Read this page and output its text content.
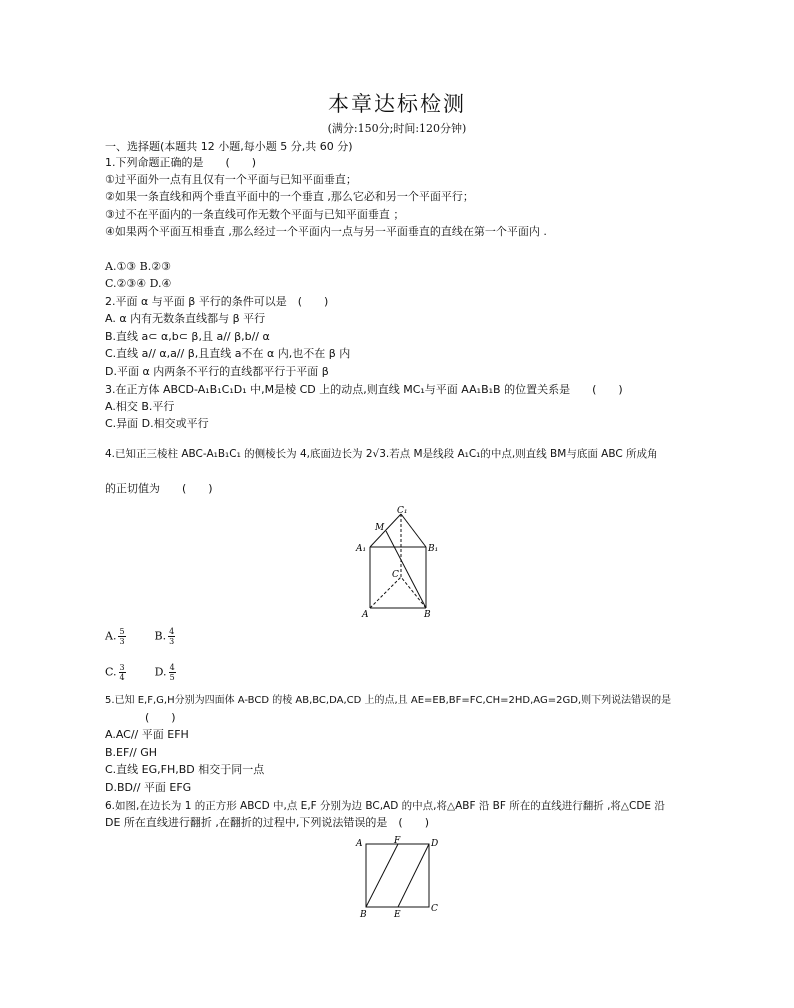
本章达标检测
(满分:150分;时间:120分钟)
一、选择题(本题共 12 小题,每小题 5 分,共 60 分)
1.下列命题正确的是　　(　　)
①过平面外一点有且仅有一个平面与已知平面垂直；
②如果一条直线和两个垂直平面中的一个垂直 ,那么它必和另一个平面平行；
③过不在平面内的一条直线可作无数个平面与已知平面垂直 ；
④如果两个平面互相垂直 ,那么经过一个平面内一点与另一平面垂直的直线在第一个平面内 .
A.①③ B.②③
C.②③④ D.④
2.平面 α 与平面 β 平行的条件可以是　(　　)
A. α 内有无数条直线都与 β 平行
B.直线 a⊂ α,b⊂ β,且 a// β,b// α
C.直线 a// α,a// β,且直线 a不在 α 内,也不在 β 内
D.平面 α 内两条不平行的直线都平行于平面 β
3.在正方体 ABCD-A₁B₁C₁D₁ 中,M是棱 CD 上的动点,则直线 MC₁与平面 AA₁B₁B 的位置关系是　　(　　)
A.相交 B.平行
C.异面 D.相交或平行
4.已知正三棱柱 ABC-A₁B₁C₁ 的侧棱长为 4,底面边长为 2√3.若点 M是线段 A₁C₁的中点,则直线 BM与底面 ABC 所成角
的正切值为　　(　　)
C₁
M
A₁	B₁
C
A	B
A. $\frac{5}{3}$	B. $\frac{4}{3}$
C. $\frac{3}{4}$	D. $\frac{4}{5}$
5.已知 E,F,G,H分别为四面体 A-BCD 的棱 AB,BC,DA,CD 上的点,且 AE=EB,BF=FC,CH=2HD,AG=2GD,则下列说法错误的是
(　　)
A.AC// 平面 EFH
B.EF// GH
C.直线 EG,FH,BD 相交于同一点
D.BD// 平面 EFG
6.如图,在边长为 1 的正方形 ABCD 中,点 E,F 分别为边 BC,AD 的中点,将△ABF 沿 BF 所在的直线进行翻折 ,将△CDE 沿
DE 所在直线进行翻折 ,在翻折的过程中,下列说法错误的是　(　　)
A	F	D
B	E
C
